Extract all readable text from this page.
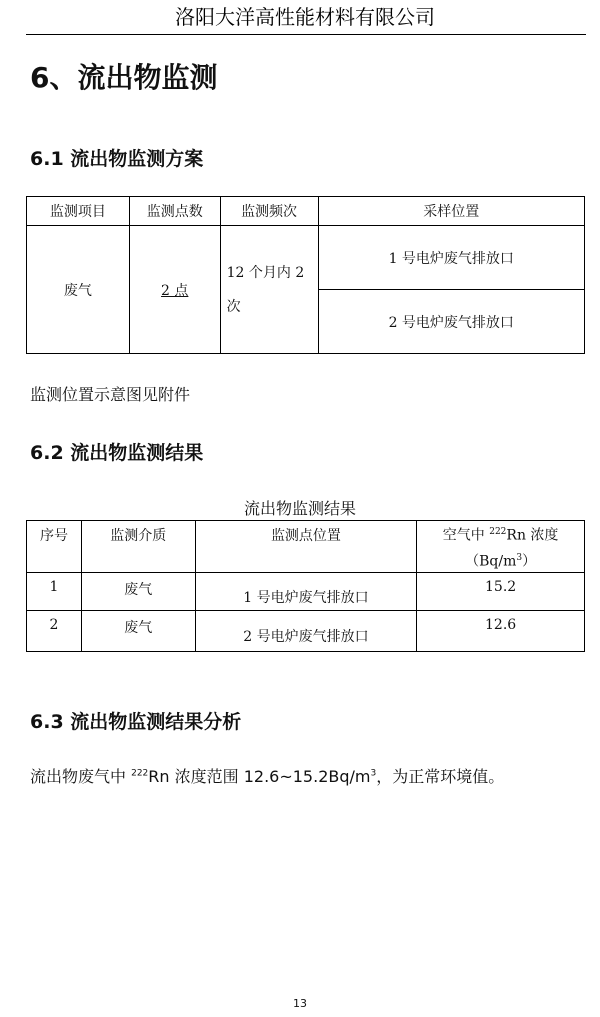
洛阳大洋高性能材料有限公司
6、流出物监测
6.1 流出物监测方案
监测项目	监测点数	监测频次	采样位置
废气	2 点	12 个月内 2 次	1 号电炉废气排放口
			2 号电炉废气排放口

监测位置示意图见附件

6.2 流出物监测结果
流出物监测结果
序号	监测介质	监测点位置	空气中 $^{222}$Rn 浓度
$(Bq/m^3)$
1	废气	1 号电炉废气排放口	15.2
2	废气	2 号电炉废气排放口	12.6
6.3 流出物监测结果分析

流出物废气中 $^{222}$Rn 浓度范围 $12.6\sim 15.2Bq/m^3$，为正常环境值。

13
